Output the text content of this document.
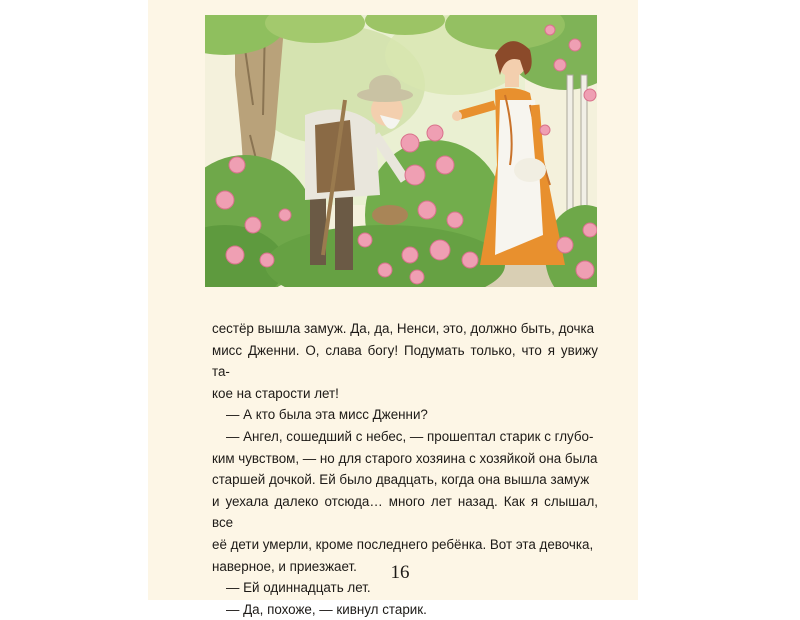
сестёр вышла замуж. Да, да, Ненси, это, должно быть, дочка
мисс Дженни. О, слава богу! Подумать только, что я увижу та-
кое на старости лет!

— А кто была эта мисс Дженни?

— Ангел, сошедший с небес, — прошептал старик с глубо-
ким чувством, — но для старого хозяина с хозяйкой она была
старшей дочкой. Ей было двадцать, когда она вышла замуж
и уехала далеко отсюда… много лет назад. Как я слышал, все
её дети умерли, кроме последнего ребёнка. Вот эта девочка,
наверное, и приезжает.

— Ей одиннадцать лет.

— Да, похоже, — кивнул старик.

16
